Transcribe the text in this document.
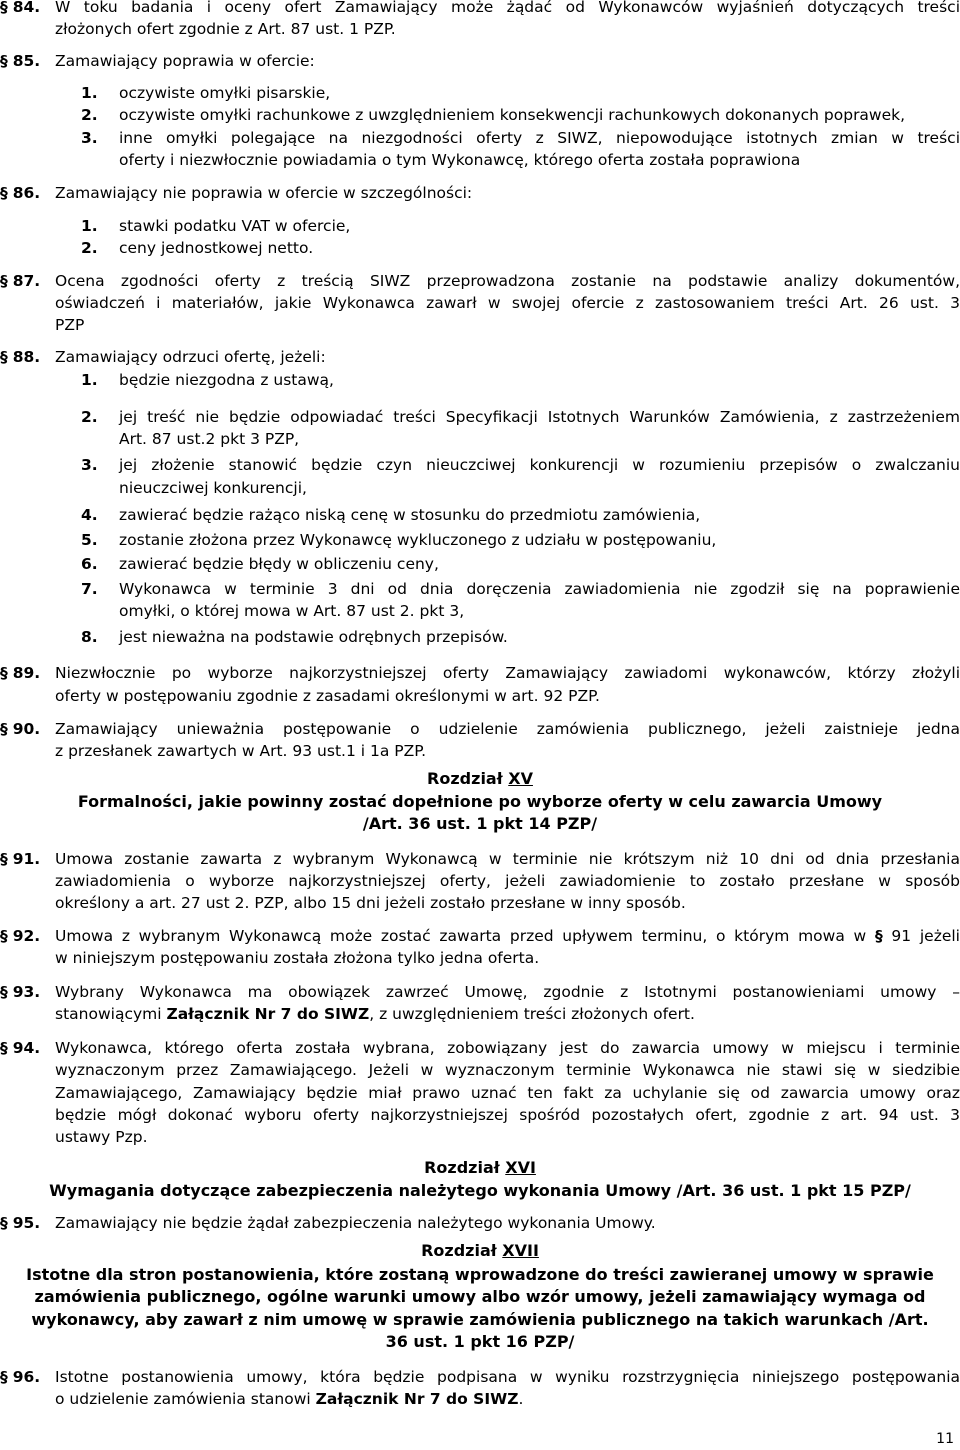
§ 84. W toku badania i oceny ofert Zamawiający może żądać od Wykonawców wyjaśnień dotyczących treści
złożonych ofert zgodnie z Art. 87 ust. 1 PZP.
§ 85. Zamawiający poprawia w ofercie:
1. oczywiste omyłki pisarskie,
2. oczywiste omyłki rachunkowe z uwzględnieniem konsekwencji rachunkowych dokonanych poprawek,
3. inne omyłki polegające na niezgodności oferty z SIWZ, niepowodujące istotnych zmian w treści
oferty i niezwłocznie powiadamia o tym Wykonawcę, którego oferta została poprawiona
§ 86. Zamawiający nie poprawia w ofercie w szczególności:
1. stawki podatku VAT w ofercie,
2. ceny jednostkowej netto.
§ 87. Ocena zgodności oferty z treścią SIWZ przeprowadzona zostanie na podstawie analizy dokumentów,
oświadczeń i materiałów, jakie Wykonawca zawarł w swojej ofercie z zastosowaniem treści Art. 26 ust. 3
PZP
§ 88. Zamawiający odrzuci ofertę, jeżeli:
1. będzie niezgodna z ustawą,
2. jej treść nie będzie odpowiadać treści Specyfikacji Istotnych Warunków Zamówienia, z zastrzeżeniem
Art. 87 ust.2 pkt 3 PZP,
3. jej złożenie stanowić będzie czyn nieuczciwej konkurencji w rozumieniu przepisów o zwalczaniu
nieuczciwej konkurencji,
4. zawierać będzie rażąco niską cenę w stosunku do przedmiotu zamówienia,
5. zostanie złożona przez Wykonawcę wykluczonego z udziału w postępowaniu,
6. zawierać będzie błędy w obliczeniu ceny,
7. Wykonawca w terminie 3 dni od dnia doręczenia zawiadomienia nie zgodził się na poprawienie
omyłki, o której mowa w Art. 87 ust 2. pkt 3,
8. jest nieważna na podstawie odrębnych przepisów.
§ 89. Niezwłocznie po wyborze najkorzystniejszej oferty Zamawiający zawiadomi wykonawców, którzy złożyli
oferty w postępowaniu zgodnie z zasadami określonymi w art. 92 PZP.
§ 90. Zamawiający unieważnia postępowanie o udzielenie zamówienia publicznego, jeżeli zaistnieje jedna
z przesłanek zawartych w Art. 93 ust.1 i 1a PZP.
Rozdział XV
Formalności, jakie powinny zostać dopełnione po wyborze oferty w celu zawarcia Umowy
/Art. 36 ust. 1 pkt 14 PZP/
§ 91. Umowa zostanie zawarta z wybranym Wykonawcą w terminie nie krótszym niż 10 dni od dnia przesłania
zawiadomienia o wyborze najkorzystniejszej oferty, jeżeli zawiadomienie to zostało przesłane w sposób
określony a art. 27 ust 2. PZP, albo 15 dni jeżeli zostało przesłane w inny sposób.
§ 92. Umowa z wybranym Wykonawcą może zostać zawarta przed upływem terminu, o którym mowa w § 91 jeżeli
w niniejszym postępowaniu została złożona tylko jedna oferta.
§ 93. Wybrany Wykonawca ma obowiązek zawrzeć Umowę, zgodnie z Istotnymi postanowieniami umowy –
stanowiącymi Załącznik Nr 7 do SIWZ, z uwzględnieniem treści złożonych ofert.
§ 94. Wykonawca, którego oferta została wybrana, zobowiązany jest do zawarcia umowy w miejscu i terminie
wyznaczonym przez Zamawiającego. Jeżeli w wyznaczonym terminie Wykonawca nie stawi się w siedzibie
Zamawiającego, Zamawiający będzie miał prawo uznać ten fakt za uchylanie się od zawarcia umowy oraz
będzie mógł dokonać wyboru oferty najkorzystniejszej spośród pozostałych ofert, zgodnie z art. 94 ust. 3
ustawy Pzp.
Rozdział XVI
Wymagania dotyczące zabezpieczenia należytego wykonania Umowy /Art. 36 ust. 1 pkt 15 PZP/
§ 95. Zamawiający nie będzie żądał zabezpieczenia należytego wykonania Umowy.
Rozdział XVII
Istotne dla stron postanowienia, które zostaną wprowadzone do treści zawieranej umowy w sprawie
zamówienia publicznego, ogólne warunki umowy albo wzór umowy, jeżeli zamawiający wymaga od
wykonawcy, aby zawarł z nim umowę w sprawie zamówienia publicznego na takich warunkach /Art.
36 ust. 1 pkt 16 PZP/
§ 96. Istotne postanowienia umowy, która będzie podpisana w wyniku rozstrzygnięcia niniejszego postępowania
o udzielenie zamówienia stanowi Załącznik Nr 7 do SIWZ.
11
